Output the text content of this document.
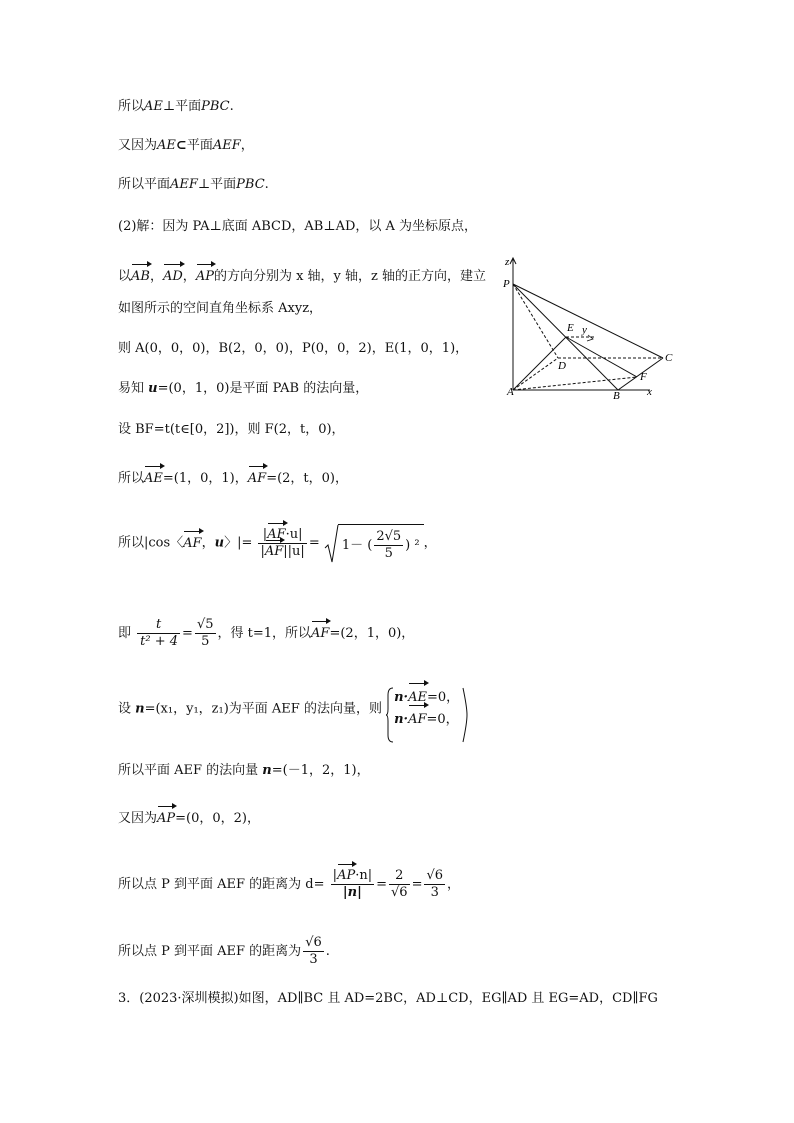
所以AE⊥平面PBC.
又因为AE⊂平面AEF，
所以平面AEF⊥平面PBC.
(2)解：因为 PA⊥底面 ABCD，AB⊥AD，以 A 为坐标原点，
以AB，AD，AP的方向分别为 x 轴，y 轴，z 轴的正方向，建立
如图所示的空间直角坐标系 Axyz，
则 A(0，0，0)，B(2，0，0)，P(0，0，2)，E(1，0，1)，
易知 u=(0，1，0)是平面 PAB 的法向量，
设 BF=t(t∈[0，2])，则 F(2，t，0)，
所以AE=(1，0，1)，AF=(2，t，0)，
所以|cos〈AF，u〉|= $\frac{|AF\cdot u|}{|AF||u|} = 1-$ ( $\frac{2√5}{5}$ ) ² ，
即 $\frac{t}{\text{t² + 4}} = \frac{√5}{5}$ ，得 t=1，所以AF=(2，1，0)，
设 n=(x₁，y₁，z₁)为平面 AEF 的法向量，则
n·AE=0，
n·AF=0，
所以平面 AEF 的法向量 n=(－1，2，1)，
又因为AP=(0，0，2)，
所以点 P 到平面 AEF 的距离为 $d= \frac{|AP\cdot n|}{|n|} = \frac{2}{√6} = \frac{√6}{3}$ ，
所以点 P 到平面 AEF 的距离为 $\frac{√6}{3}$ .
3．(2023·深圳模拟)如图，AD∥BC 且 AD=2BC，AD⊥CD，EG∥AD 且 EG=AD，CD∥FG
z
P
E y
D
C
F
A	B x
